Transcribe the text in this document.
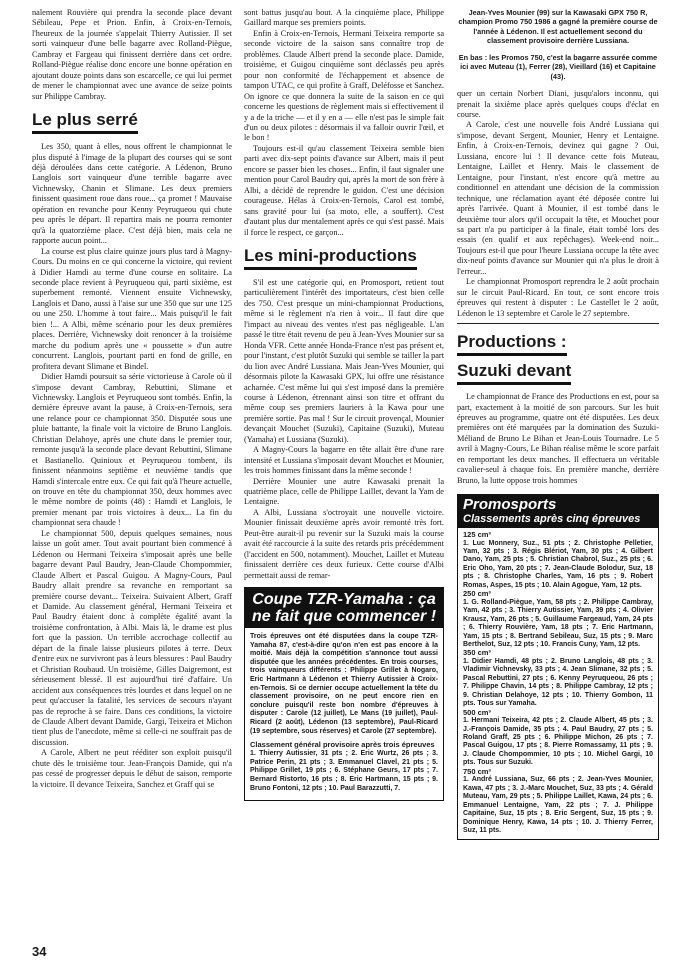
nalement Rouvière qui prendra la seconde place devant Sébileau, Pepe et Prion. Enfin, à Croix-en-Ternois, l'heureux de la journée s'appelait Thierry Autissier. Il set sorti vainqueur d'une belle bagarre avec Rolland-Piègue, Cambray et Fargeau qui finissent derrière dans cet ordre. Rolland-Piègue réalise donc encore une bonne opération en ajoutant douze points dans son escarcelle, ce qui lui permet de mener le championnat avec une avance de seize points sur Philippe Cambray.

Le plus serré

Les 350, quant à elles, nous offrent le championnat le plus disputé à l'image de la plupart des courses qui se sont déjà déroulées dans cette catégorie. A Lédenon, Bruno Langlois sort vainqueur d'une terrible bagarre avec Vichnewsky, Chanin et Slimane. Les deux premiers finissent quasiment roue dans roue... ça promet ! Mauvaise opération en revanche pour Kenny Peyruqueou qui chute peu après le départ. Il repartira mais ne pourra remonter qu'à la quatorzième place. C'est déjà bien, mais cela ne rapporte aucun point...

La course est plus claire quinze jours plus tard à Magny-Cours. Du moins en ce qui concerne la victoire, qui revient à Didier Hamdi au terme d'une course en solitaire. La seconde place revient à Peyruqueou qui, parti sixième, est superbement remonté. Viennent ensuite Vichnewsky, Langlois et Dano, aussi à l'aise sur une 350 que sur une 125 ou une 250. L'homme à tout faire... Mais puisqu'il le fait bien !... A Albi, même scénario pour les deux premières places. Derrière, Vichnewsky doit renoncer à la troisième marche du podium après une « poussette » d'un autre concurrent. Langlois, pourtant parti en fond de grille, en profitera devant Slimane et Bindel.

Didier Hamdi poursuit sa série victorieuse à Carole où il s'impose devant Cambray, Rebuttini, Slimane et Vichnewsky. Langlois et Peyruqueou sont tombés. Enfin, la dernière épreuve avant la pause, à Croix-en-Ternois, sera une relance pour ce championnat 350. Disputée sous une pluie battante, la finale voit la victoire de Bruno Langlois. Christian Delahoye, après une chute dans le premier tour, remonte jusqu'à la seconde place devant Rebuttini, Slimane et Bastianello. Quinioux et Peyruqueou tombent, ils finissent néanmoins septième et neuvième tandis que Hamdi s'intercale entre eux. Ce qui fait qu'à l'heure actuelle, on trouve en tête du championnat 350, deux hommes avec le même nombre de points (48) : Hamdi et Langlois, le premier menant par trois victoires à deux... La fin du championnat sera chaude !

Le championnat 500, depuis quelques semaines, nous laisse un goût amer. Tout avait pourtant bien commencé à Lédenon ou Hermani Teixeira s'imposait après une belle bagarre devant Paul Baudry, Jean-Claude Chompommier, Claude Albert et Pascal Guigou. A Magny-Cours, Paul Baudry allait prendre sa revanche en remportant sa première course devant... Teixeira. Suivaient Albert, Graff et Damide. Au classement général, Hermani Teixeira et Paul Baudry étaient donc à complète égalité avant la troisième confrontation, à Albi. Mais là, le drame est plus fort que la passion. Un terrible accrochage collectif au départ de la finale laisse plusieurs pilotes à terre. Deux d'entre eux ne survivront pas à leurs blessures : Paul Baudry et Christian Roubaud. Un troisième, Gilles Daigremont, est sérieusement blessé. Il est aujourd'hui tiré d'affaire. Un accident aux conséquences très lourdes et dans lequel on ne peut qu'accuser la fatalité, les services de secours n'ayant pas de reproche à se faire. Dans ces conditions, la victoire de Claude Albert devant Damide, Gargi, Teixeira et Michon tient plus de l'anecdote, même si celle-ci ne souffrait pas de discussion.

A Carole, Albert ne peut rééditer son exploit puisqu'il chute dès le troisième tour. Jean-François Damide, qui n'a pas cessé de progresser depuis le début de saison, remporte la victoire. Il devance Teixeira, Sanchez et Graff qui se

sont battus jusqu'au bout. A la cinquième place, Philippe Gaillard marque ses premiers points.

Enfin à Croix-en-Ternois, Hermani Teixeira remporte sa seconde victoire de la saison sans connaître trop de problèmes. Claude Albert prend la seconde place. Damide, troisième, et Guigou cinquième sont déclassés peu après pour non conformité de l'échappement et absence de tampon UTAC, ce qui profite à Graff, Deléfosse et Sanchez. On ignore ce que donnera la suite de la saison en ce qui concerne les questions de règlement mais si effectivement il y a de la triche — et il y en a — elle n'est pas le simple fait d'un ou deux pilotes : désormais il va falloir ouvrir l'œil, et le bon !

Toujours est-il qu'au classement Teixeira semble bien parti avec dix-sept points d'avance sur Albert, mais il peut encore se passer bien les choses... Enfin, il faut signaler une mention pour Carol Baudry qui, après la mort de son frère à Albi, a décidé de reprendre le guidon. C'est une décision courageuse. Hélas à Croix-en-Ternois, Carol est tombé, sans gravité pour lui (sa moto, elle, a souffert). C'est d'autant plus dur mentalement après ce qui s'est passé. Mais il force le respect, ce garçon...

Les mini-productions

S'il est une catégorie qui, en Promosport, retient tout particulièrement l'intérêt des importateurs, c'est bien celle des 750. C'est presque un mini-championnat Productions, même si le règlement n'a rien à voir... Il faut dire que l'impact au niveau des ventes n'est pas négligeable. L'an passé le titre était revenu de peu à Jean-Yves Mounier sur sa Honda VFR. Cette année Honda-France n'est pas présent et, pour l'instant, c'est plutôt Suzuki qui semble se tailler la part du lion avec André Lussiana. Mais Jean-Yves Mounier, qui désormais pilote la Kawasaki GPX, lui offre une résistance acharnée. C'est même lui qui s'est imposé dans la première course à Lédenon, étrennant ainsi son titre et offrant du même coup ses premiers lauriers à la Kawa pour une première sortie. Pas mal ! Sur le circuit provençal, Mounier devançait Mouchet (Suzuki), Capitaine (Suzuki), Muteau (Yamaha) et Lussiana (Suzuki).

A Magny-Cours la bagarre en tête allait être d'une rare intensité et Lussiana s'imposait devant Mouchet et Mounier, les trois hommes finissant dans la même seconde !

Derrière Mounier une autre Kawasaki prenait la quatrième place, celle de Philippe Laillet, devant la Yam de Lentaigne.

A Albi, Lussiana s'octroyait une nouvelle victoire. Mounier finissait deuxième après avoir remonté très fort. Peut-être aurait-il pu revenir sur la Suzuki mais la course avait été raccourcie à la suite des retards pris précédemment (l'accident en 500, notamment). Mouchet, Laillet et Muteau finissaient derrière ces deux furieux. Cette course d'Albi permettait aussi de remar-

Coupe TZR-Yamaha : ça ne fait que commencer !

Trois épreuves ont été disputées dans la coupe TZR-Yamaha 87, c'est-à-dire qu'on n'en est pas encore à la moitié. Mais déjà la compétition s'annonce tout aussi disputée que les années précédentes. En trois courses, trois vainqueurs différents : Philippe Grillet à Nogaro, Eric Hartmann à Lédenon et Thierry Autissier à Croix-en-Ternois. Si ce dernier occupe actuellement la tête du classement provisoire, on ne peut encore rien en conclure puisqu'il reste bon nombre d'épreuves à disputer : Carole (12 juillet), Le Mans (19 juillet), Paul-Ricard (2 août), Lédenon (13 septembre), Paul-Ricard (19 septembre, sous réserves) et Carole (27 septembre).

Classement général provisoire après trois épreuves

1. Thierry Autissier, 31 pts ; 2. Eric Wurtz, 26 pts ; 3. Patrice Perin, 21 pts ; 3. Emmanuel Clavel, 21 pts ; 5. Philippe Grillet, 19 pts ; 6. Stéphane Geurs, 17 pts ; 7. Bernard Ristorto, 16 pts ; 8. Eric Hartmann, 15 pts ; 9. Bruno Fontoni, 12 pts ; 10. Paul Barazzutti, 7.

Jean-Yves Mounier (99) sur la Kawasaki GPX 750 R, champion Promo 750 1986 a gagné la première course de l'année à Lédenon. Il est actuellement second du classement provisoire derrière Lussiana.
En bas : les Promos 750, c'est la bagarre assurée comme ici avec Muteau (1), Ferrer (28), Vieillard (16) et Capitaine (43).

quer un certain Norbert Diani, jusqu'alors inconnu, qui prenait la sixième place après quelques coups d'éclat en course.

A Carole, c'est une nouvelle fois André Lussiana qui s'impose, devant Sergent, Mounier, Henry et Lentaigne. Enfin, à Croix-en-Ternois, devinez qui gagne ? Oui, Lussiana, encore lui ! Il devance cette fois Muteau, Lentaigne, Laillet et Henry. Mais le classement de Lentaigne, pour l'instant, n'est encore qu'à mettre au conditionnel en attendant une décision de la commission technique, une réclamation ayant été déposée contre lui après l'arrivée. Quant à Mounier, il est tombé dans le deuxième tour alors qu'il occupait la tête, et Mouchet pour sa part n'a pu participer à la finale, était tombé lors des essais (en qualif et aux repêchages). Week-end noir... Toujours est-il que pour l'heure Lussiana occupe la tête avec dix-neuf points d'avance sur Mounier qui n'a plus le droit à l'erreur...

Le championnat Promosport reprendra le 2 août prochain sur le circuit Paul-Ricard. En tout, ce sont encore trois épreuves qui restent à disputer : Le Castellet le 2 août, Lédenon le 13 septembre et Carole le 27 septembre.

Productions :
Suzuki devant

Le championnat de France des Productions en est, pour sa part, exactement à la moitié de son parcours. Sur les huit épreuves au programme, quatre ont été disputées. Les deux premières ont été marquées par la domination des Suzuki-Méliand de Bruno Le Bihan et Jean-Louis Tournadre. Le 5 avril à Magny-Cours, Le Bihan réalise même le score parfait en remportant les deux manches. Il effectuera un véritable cavalier-seul à chaque fois. En première manche, derrière Bruno, la lutte oppose trois hommes

Promosports
Classements après cinq épreuves
125 cm³
1. Luc Monnery, Suz., 51 pts ; 2. Christophe Pelletier, Yam, 32 pts ; 3. Régis Blériot, Yam, 30 pts ; 4. Gilbert Dano, Yam, 25 pts ; 5. Christian Chabrol, Suz., 25 pts ; 6. Eric Oho, Yam, 20 pts ; 7. Jean-Claude Bolodur, Suz, 18 pts ; 8. Christophe Charles, Yam, 16 pts ; 9. Robert Romas, Aspes, 15 pts ; 10. Alain Agogue, Yam, 12 pts.
250 cm³
1. G. Rolland-Piègue, Yam, 58 pts ; 2. Philippe Cambray, Yam, 42 pts ; 3. Thierry Autissier, Yam, 39 pts ; 4. Olivier Krausz, Yam, 26 pts ; 5. Guillaume Fargeaud, Yam, 24 pts ; 6. Thierry Rouvière, Yam, 18 pts ; 7. Eric Hartmann, Yam, 15 pts ; 8. Bertrand Sebileau, Suz, 15 pts ; 9. Marc Berthelot, Suz, 12 pts ; 10. Francis Cuny, Yam, 12 pts.
350 cm³
1. Didier Hamdi, 48 pts ; 2. Bruno Langlois, 48 pts ; 3. Vladimir Vichnevsky, 33 pts ; 4. Jean Slimane, 32 pts ; 5. Pascal Rebuttini, 27 pts ; 6. Kenny Peyruqueou, 26 pts ; 7. Philippe Chavin, 14 pts ; 8. Philippe Cambray, 12 pts ; 9. Christian Delahoye, 12 pts ; 10. Thierry Gombon, 11 pts. Tous sur Yamaha.
500 cm³
1. Hermani Teixeira, 42 pts ; 2. Claude Albert, 45 pts ; 3. J.-François Damide, 35 pts ; 4. Paul Baudry, 27 pts ; 5. Roland Graff, 25 pts ; 6. Philippe Michon, 26 pts ; 7. Pascal Guigou, 17 pts ; 8. Pierre Romassamy, 11 pts ; 9. J. Claude Chompommier, 10 pts ; 10. Michel Gargi, 10 pts. Tous sur Suzuki.
750 cm³
1. André Lussiana, Suz, 66 pts ; 2. Jean-Yves Mounier, Kawa, 47 pts ; 3. J.-Marc Mouchet, Suz, 33 pts ; 4. Gérald Muteau, Yam, 29 pts ; 5. Philippe Laillet, Kawa, 24 pts ; 6. Emmanuel Lentaigne, Yam, 22 pts ; 7. J. Philippe Capitaine, Suz, 15 pts ; 8. Eric Sergent, Suz, 15 pts ; 9. Dominique Henry, Kawa, 14 pts ; 10. J. Thierry Ferrer, Suz, 11 pts.
34
